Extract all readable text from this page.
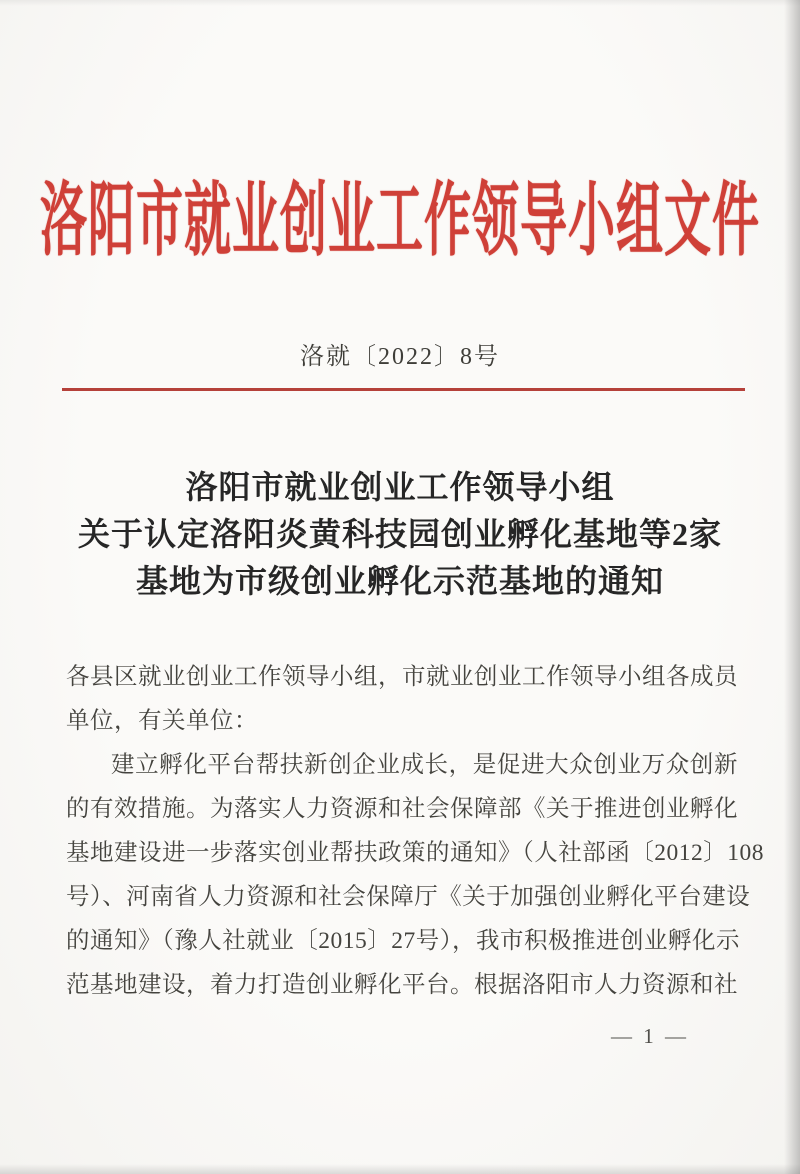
洛阳市就业创业工作领导小组文件
洛就〔2022〕8号
洛阳市就业创业工作领导小组
关于认定洛阳炎黄科技园创业孵化基地等2家
基地为市级创业孵化示范基地的通知
各县区就业创业工作领导小组，市就业创业工作领导小组各成员
单位，有关单位：
建立孵化平台帮扶新创企业成长，是促进大众创业万众创新
的有效措施。为落实人力资源和社会保障部《关于推进创业孵化
基地建设进一步落实创业帮扶政策的通知》（人社部函〔2012〕108
号）、河南省人力资源和社会保障厅《关于加强创业孵化平台建设
的通知》（豫人社就业〔2015〕27号），我市积极推进创业孵化示
范基地建设，着力打造创业孵化平台。根据洛阳市人力资源和社
— 1 —
